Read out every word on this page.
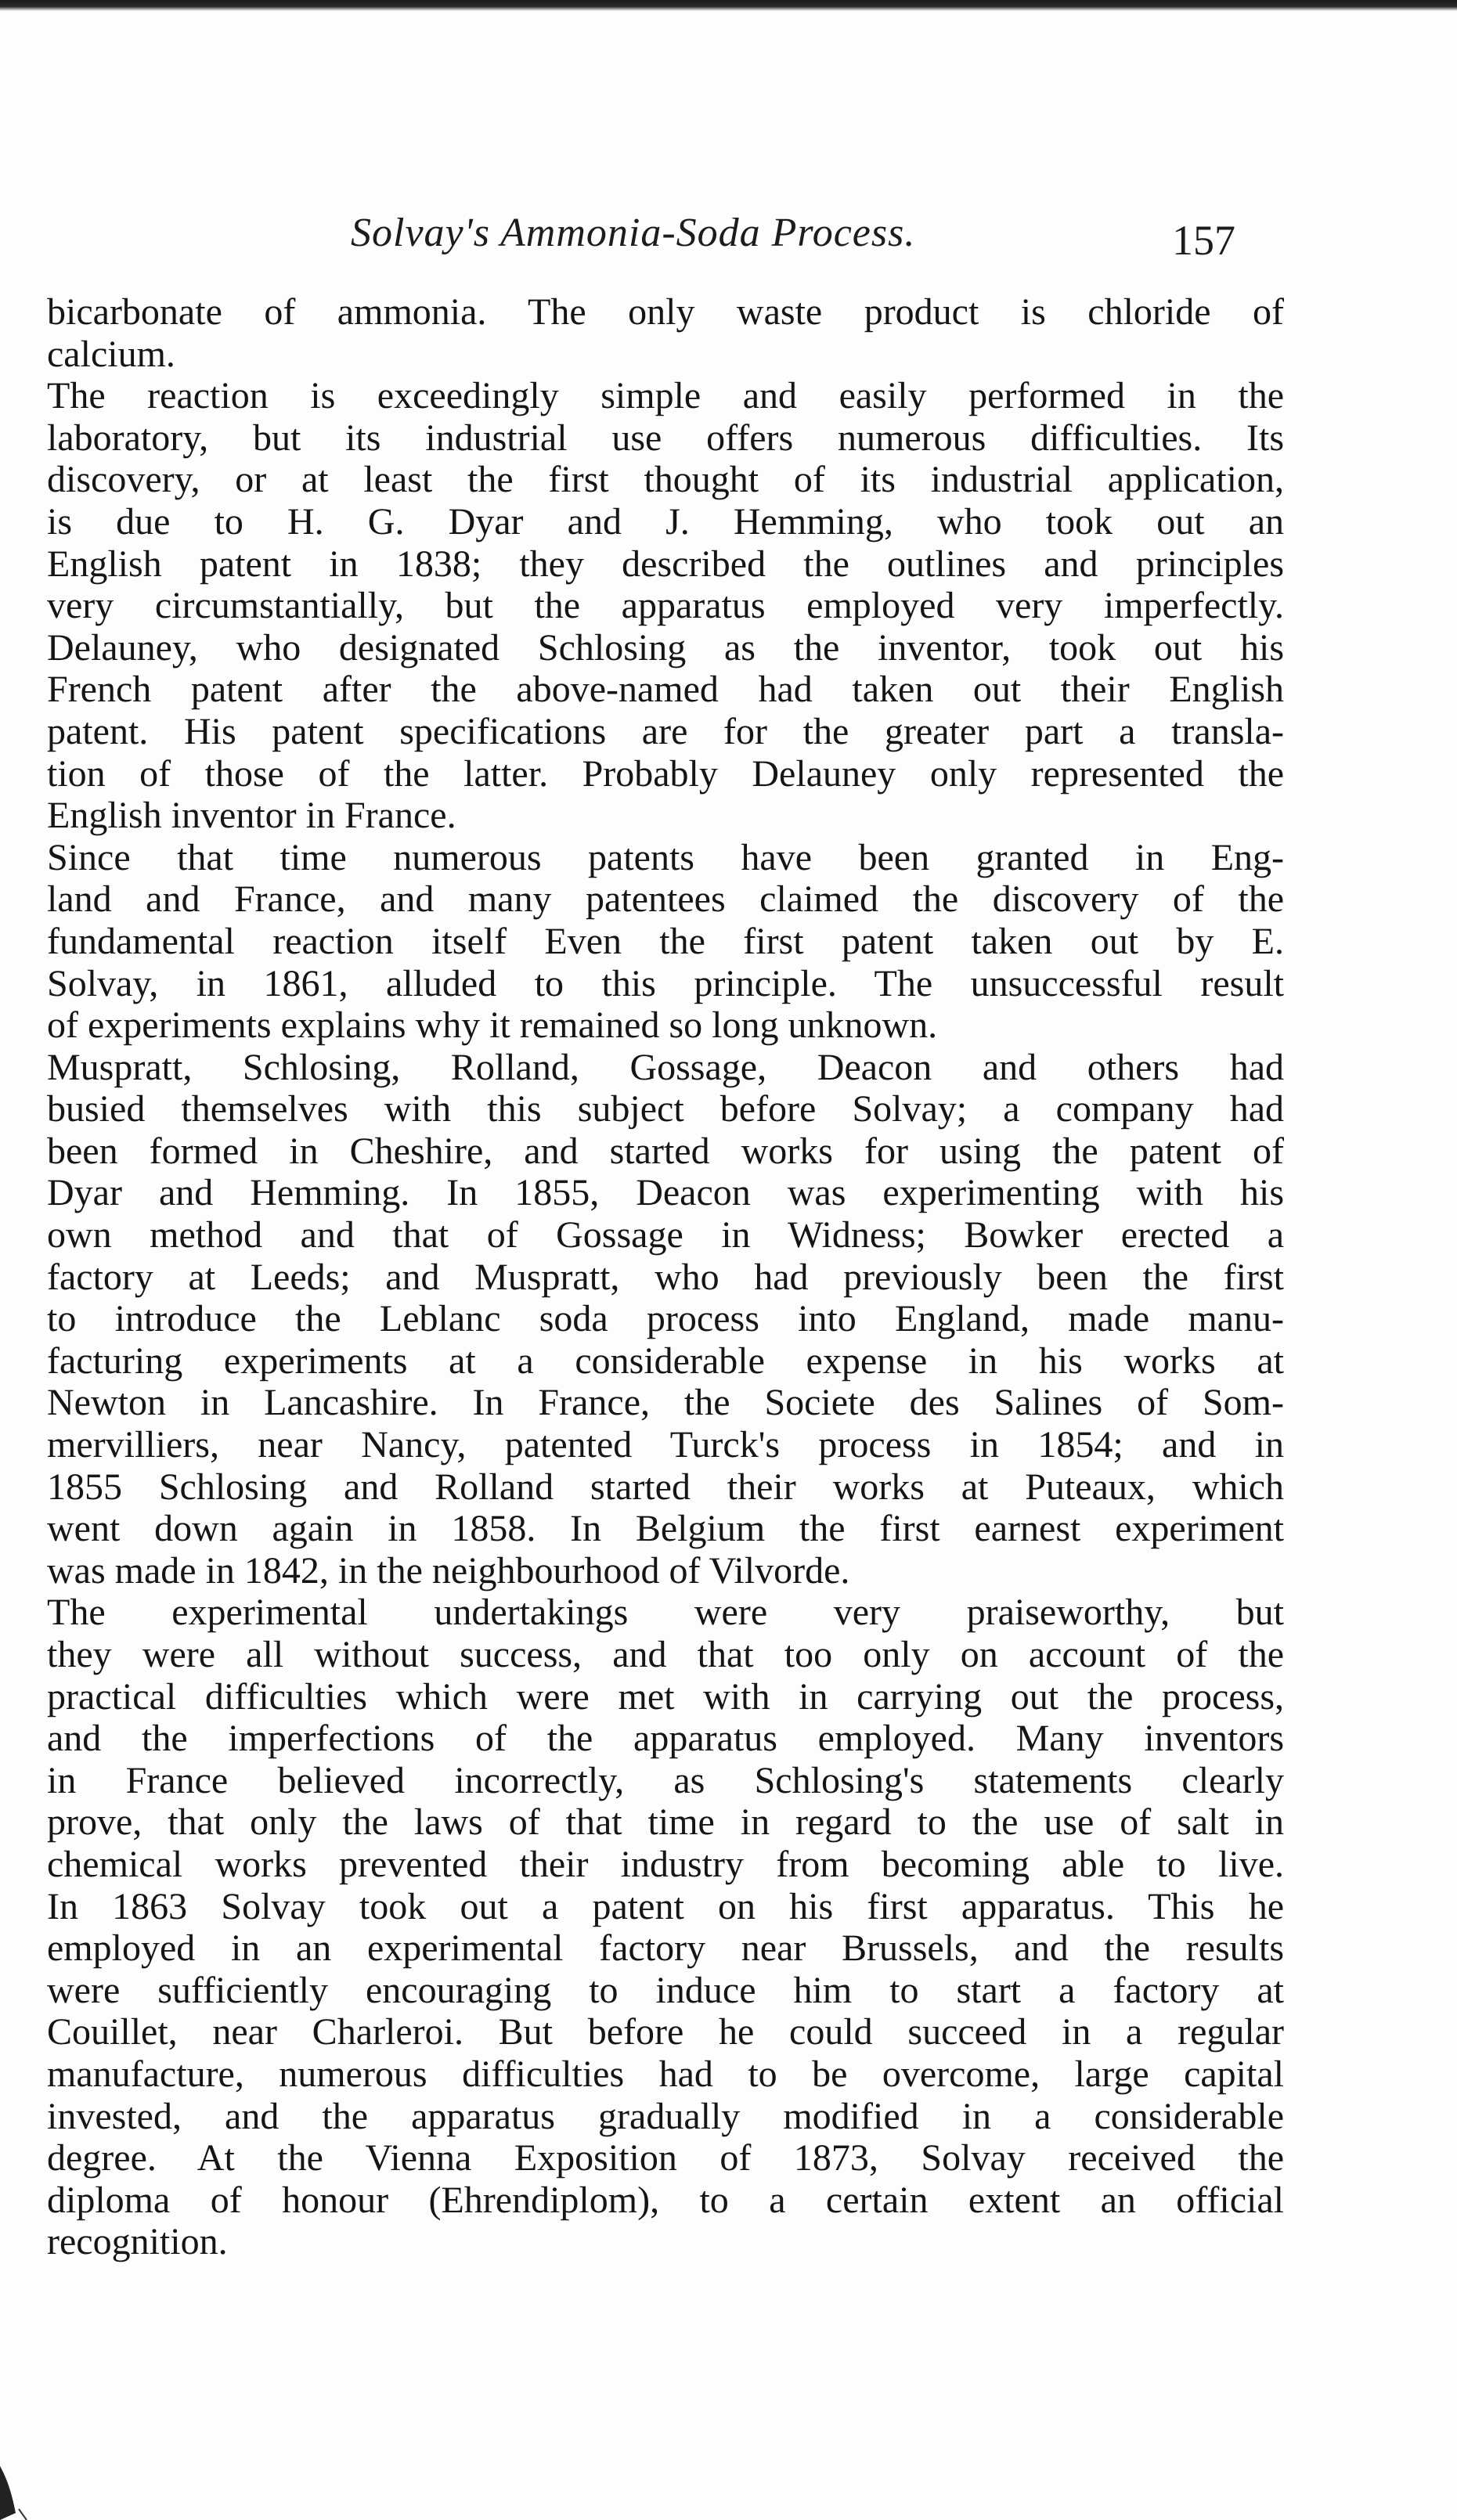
Solvay's Ammonia-Soda Process.	157
bicarbonate of ammonia. The only waste product is chloride of
calcium.
The reaction is exceedingly simple and easily performed in the
laboratory, but its industrial use offers numerous difficulties. Its
discovery, or at least the first thought of its industrial application,
is due to H. G. Dyar and J. Hemming, who took out an
English patent in 1838; they described the outlines and principles
very circumstantially, but the apparatus employed very imperfectly.
Delauney, who designated Schlosing as the inventor, took out his
French patent after the above-named had taken out their English
patent. His patent specifications are for the greater part a transla-
tion of those of the latter. Probably Delauney only represented the
English inventor in France.
Since that time numerous patents have been granted in Eng-
land and France, and many patentees claimed the discovery of the
fundamental reaction itself Even the first patent taken out by E.
Solvay, in 1861, alluded to this principle. The unsuccessful result
of experiments explains why it remained so long unknown.
Muspratt, Schlosing, Rolland, Gossage, Deacon and others had
busied themselves with this subject before Solvay; a company had
been formed in Cheshire, and started works for using the patent of
Dyar and Hemming. In 1855, Deacon was experimenting with his
own method and that of Gossage in Widness; Bowker erected a
factory at Leeds; and Muspratt, who had previously been the first
to introduce the Leblanc soda process into England, made manu-
facturing experiments at a considerable expense in his works at
Newton in Lancashire. In France, the Societe des Salines of Som-
mervilliers, near Nancy, patented Turck's process in 1854; and in
1855 Schlosing and Rolland started their works at Puteaux, which
went down again in 1858. In Belgium the first earnest experiment
was made in 1842, in the neighbourhood of Vilvorde.
The experimental undertakings were very praiseworthy, but
they were all without success, and that too only on account of the
practical difficulties which were met with in carrying out the process,
and the imperfections of the apparatus employed. Many inventors
in France believed incorrectly, as Schlosing's statements clearly
prove, that only the laws of that time in regard to the use of salt in
chemical works prevented their industry from becoming able to live.
In 1863 Solvay took out a patent on his first apparatus. This he
employed in an experimental factory near Brussels, and the results
were sufficiently encouraging to induce him to start a factory at
Couillet, near Charleroi. But before he could succeed in a regular
manufacture, numerous difficulties had to be overcome, large capital
invested, and the apparatus gradually modified in a considerable
degree. At the Vienna Exposition of 1873, Solvay received the
diploma of honour (Ehrendiplom), to a certain extent an official
recognition.
